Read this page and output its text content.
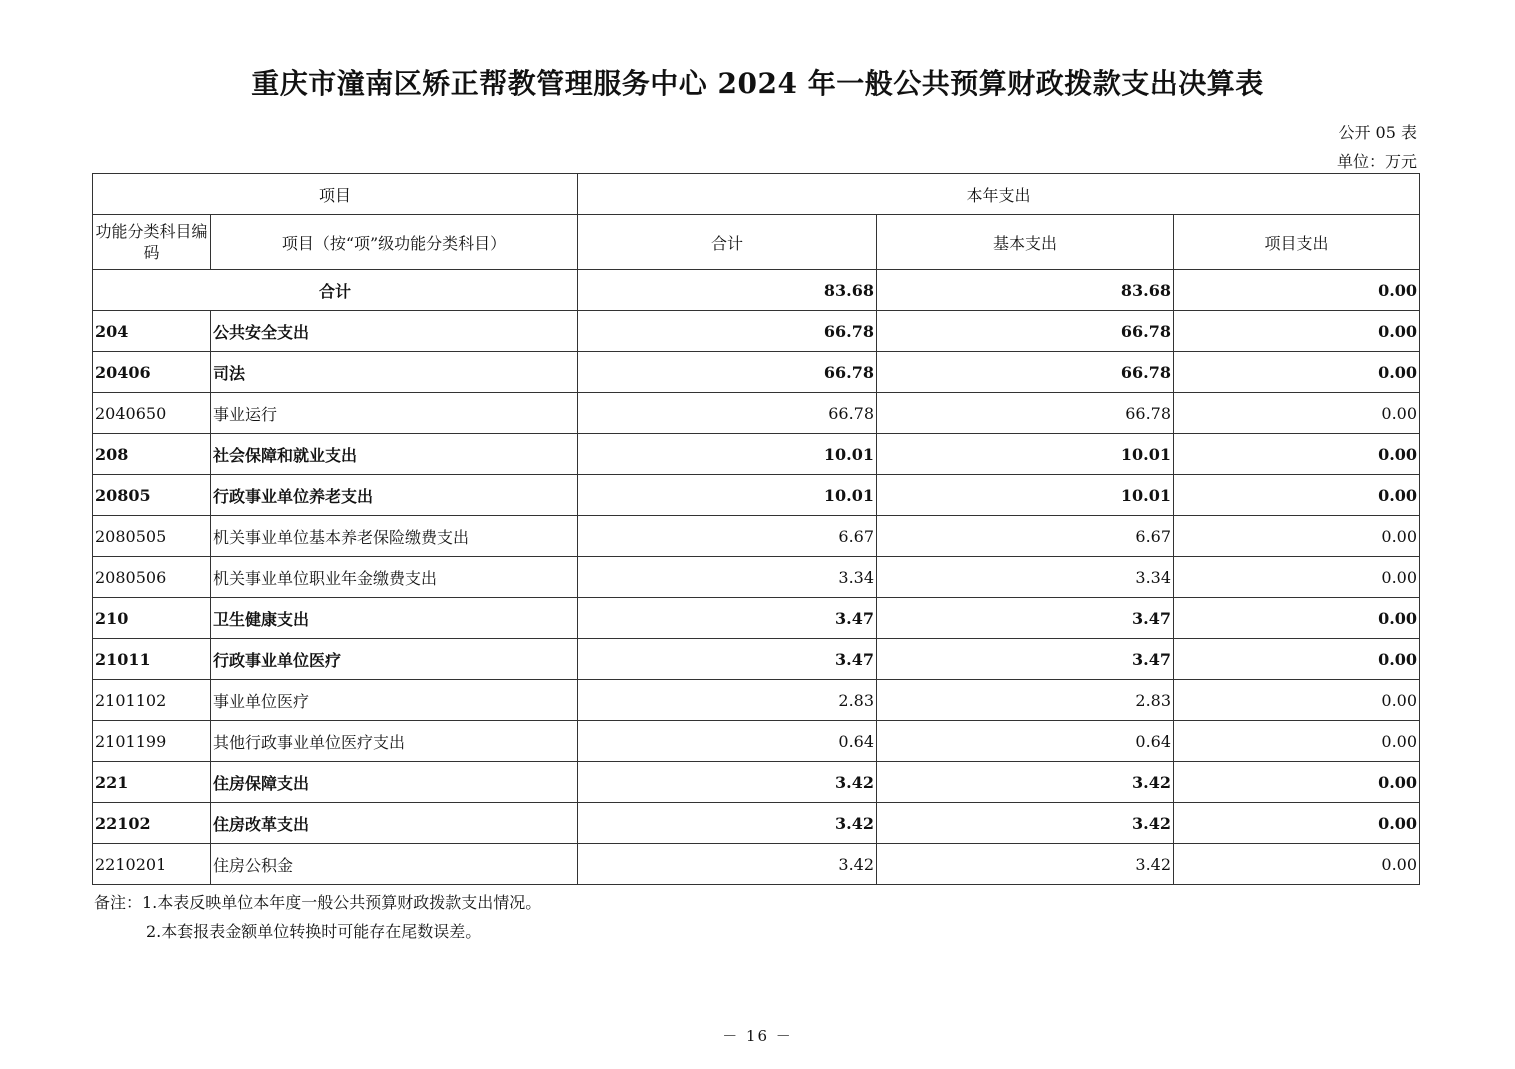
重庆市潼南区矫正帮教管理服务中心 2024 年一般公共预算财政拨款支出决算表
公开 05 表
单位：万元
项目		本年支出		
功能分类科目编码	项目（按“项”级功能分类科目）	合计	基本支出	项目支出
合计		83.68	83.68	0.00
204	公共安全支出	66.78	66.78	0.00
20406	司法	66.78	66.78	0.00
2040650	事业运行	66.78	66.78	0.00
208	社会保障和就业支出	10.01	10.01	0.00
20805	行政事业单位养老支出	10.01	10.01	0.00
2080505	机关事业单位基本养老保险缴费支出	6.67	6.67	0.00
2080506	机关事业单位职业年金缴费支出	3.34	3.34	0.00
210	卫生健康支出	3.47	3.47	0.00
21011	行政事业单位医疗	3.47	3.47	0.00
2101102	事业单位医疗	2.83	2.83	0.00
2101199	其他行政事业单位医疗支出	0.64	0.64	0.00
221	住房保障支出	3.42	3.42	0.00
22102	住房改革支出	3.42	3.42	0.00
2210201	住房公积金	3.42	3.42	0.00
备注：1.本表反映单位本年度一般公共预算财政拨款支出情况。
2.本套报表金额单位转换时可能存在尾数误差。
－ 16 －
